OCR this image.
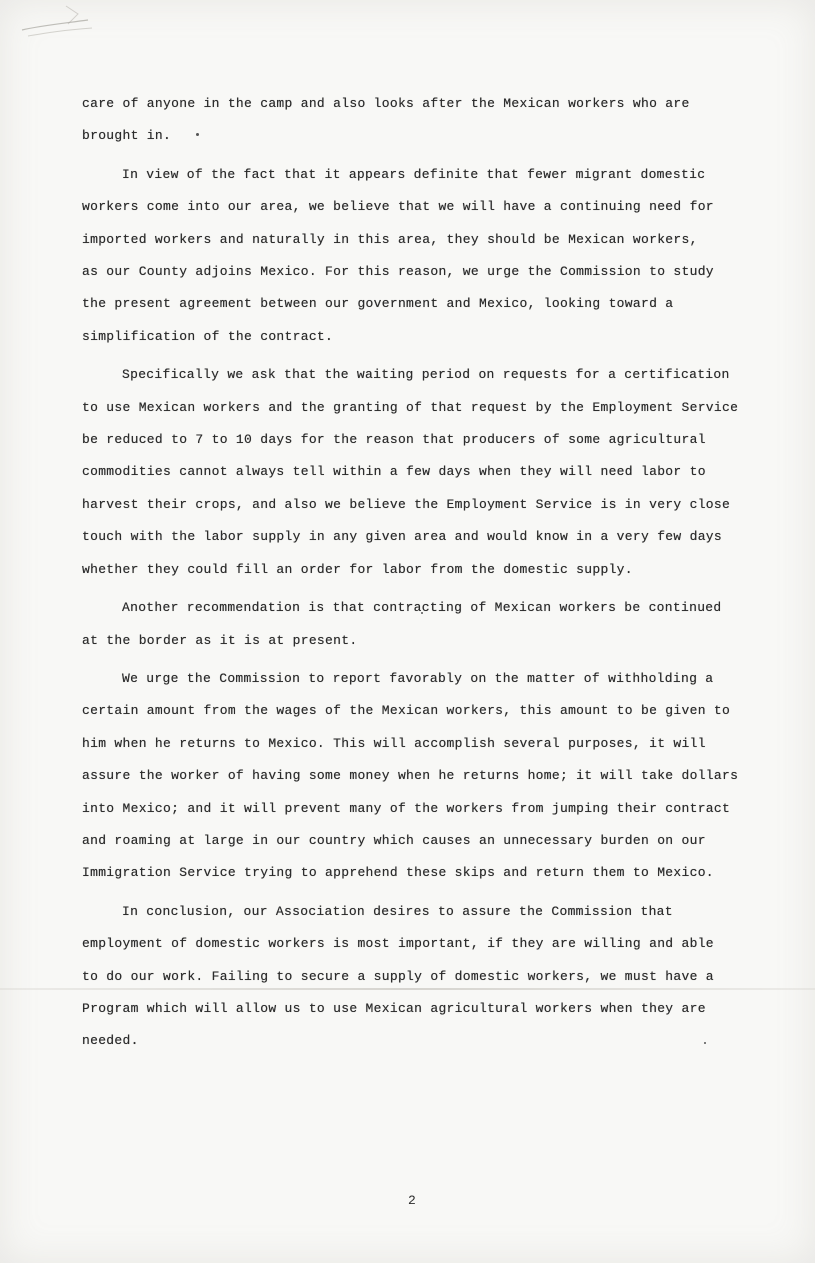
care of anyone in the camp and also looks after the Mexican workers who are
brought in.
In view of the fact that it appears definite that fewer migrant domestic
workers come into our area, we believe that we will have a continuing need for
imported workers and naturally in this area, they should be Mexican workers,
as our County adjoins Mexico. For this reason, we urge the Commission to study
the present agreement between our government and Mexico, looking toward a
simplification of the contract.
Specifically we ask that the waiting period on requests for a certification
to use Mexican workers and the granting of that request by the Employment Service
be reduced to 7 to 10 days for the reason that producers of some agricultural
commodities cannot always tell within a few days when they will need labor to
harvest their crops, and also we believe the Employment Service is in very close
touch with the labor supply in any given area and would know in a very few days
whether they could fill an order for labor from the domestic supply.
Another recommendation is that contracting of Mexican workers be continued
at the border as it is at present.
We urge the Commission to report favorably on the matter of withholding a
certain amount from the wages of the Mexican workers, this amount to be given to
him when he returns to Mexico. This will accomplish several purposes, it will
assure the worker of having some money when he returns home; it will take dollars
into Mexico; and it will prevent many of the workers from jumping their contract
and roaming at large in our country which causes an unnecessary burden on our
Immigration Service trying to apprehend these skips and return them to Mexico.
In conclusion, our Association desires to assure the Commission that
employment of domestic workers is most important, if they are willing and able
to do our work. Failing to secure a supply of domestic workers, we must have a
Program which will allow us to use Mexican agricultural workers when they are
needed.
2
